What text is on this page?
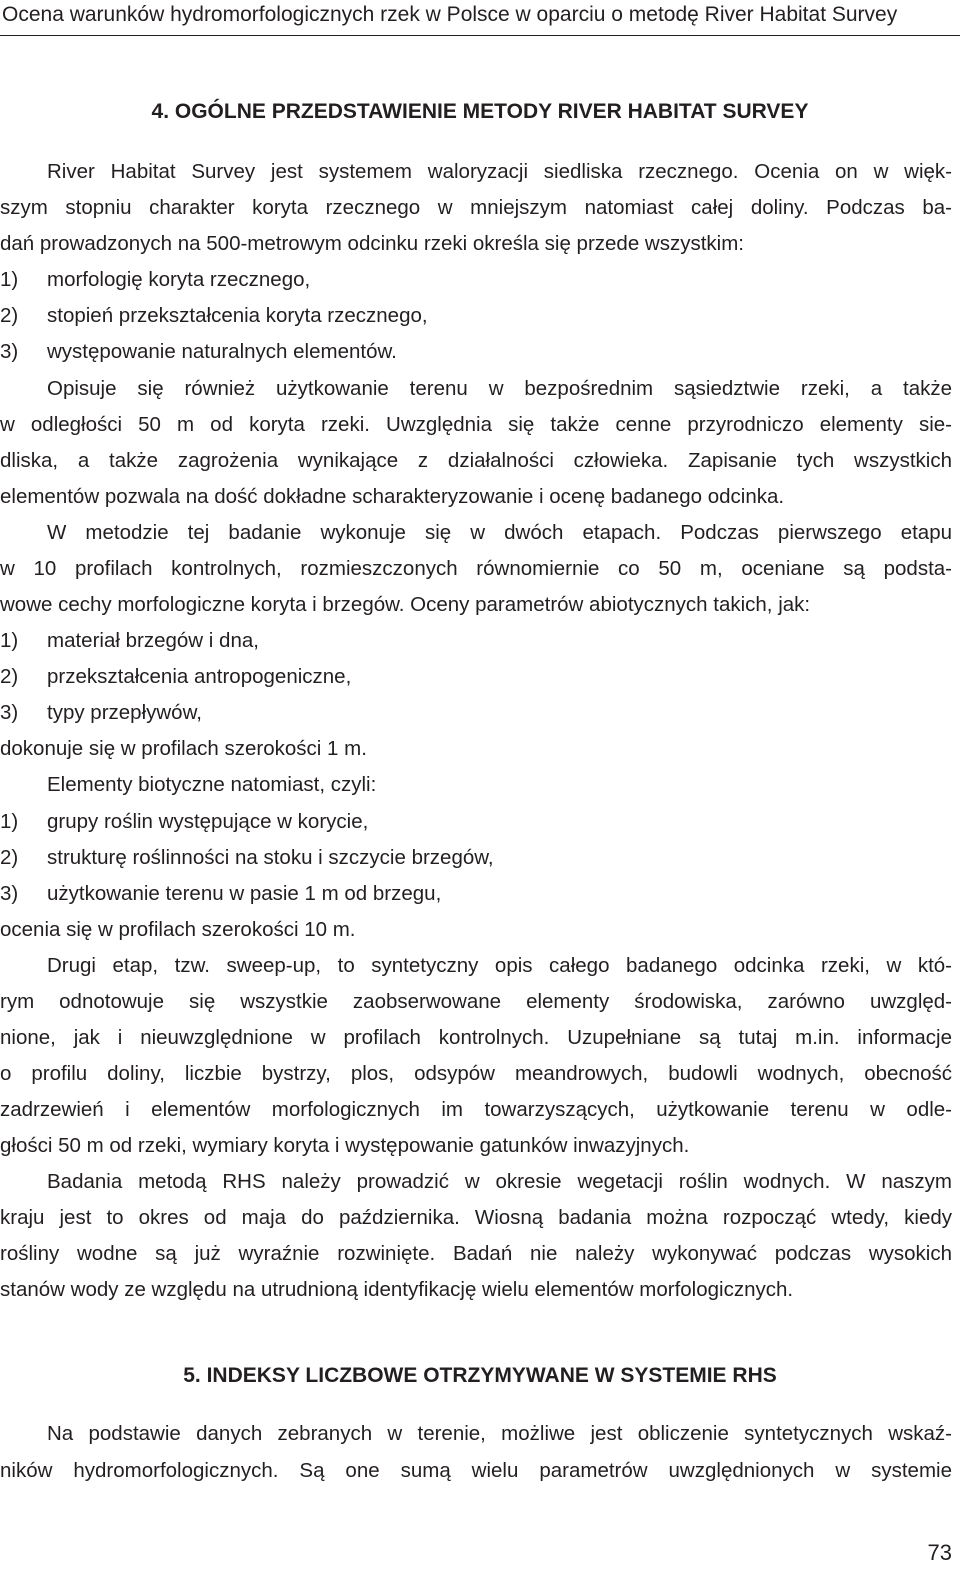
Ocena warunków hydromorfologicznych rzek w Polsce w oparciu o metodę River Habitat Survey
4. OGÓLNE PRZEDSTAWIENIE METODY RIVER HABITAT SURVEY
River Habitat Survey jest systemem waloryzacji siedliska rzecznego. Ocenia on w więk-
szym stopniu charakter koryta rzecznego w mniejszym natomiast całej doliny. Podczas ba-
dań prowadzonych na 500-metrowym odcinku rzeki określa się przede wszystkim:
1) morfologię koryta rzecznego,
2) stopień przekształcenia koryta rzecznego,
3) występowanie naturalnych elementów.
Opisuje się również użytkowanie terenu w bezpośrednim sąsiedztwie rzeki, a także
w odległości 50 m od koryta rzeki. Uwzględnia się także cenne przyrodniczo elementy sie-
dliska, a także zagrożenia wynikające z działalności człowieka. Zapisanie tych wszystkich
elementów pozwala na dość dokładne scharakteryzowanie i ocenę badanego odcinka.
W metodzie tej badanie wykonuje się w dwóch etapach. Podczas pierwszego etapu
w 10 profilach kontrolnych, rozmieszczonych równomiernie co 50 m, oceniane są podsta-
wowe cechy morfologiczne koryta i brzegów. Oceny parametrów abiotycznych takich, jak:
1) materiał brzegów i dna,
2) przekształcenia antropogeniczne,
3) typy przepływów,
dokonuje się w profilach szerokości 1 m.
Elementy biotyczne natomiast, czyli:
1) grupy roślin występujące w korycie,
2) strukturę roślinności na stoku i szczycie brzegów,
3) użytkowanie terenu w pasie 1 m od brzegu,
ocenia się w profilach szerokości 10 m.
Drugi etap, tzw. sweep-up, to syntetyczny opis całego badanego odcinka rzeki, w któ-
rym odnotowuje się wszystkie zaobserwowane elementy środowiska, zarówno uwzględ-
nione, jak i nieuwzględnione w profilach kontrolnych. Uzupełniane są tutaj m.in. informacje
o profilu doliny, liczbie bystrzy, plos, odsypów meandrowych, budowli wodnych, obecność
zadrzewień i elementów morfologicznych im towarzyszących, użytkowanie terenu w odle-
głości 50 m od rzeki, wymiary koryta i występowanie gatunków inwazyjnych.
Badania metodą RHS należy prowadzić w okresie wegetacji roślin wodnych. W naszym
kraju jest to okres od maja do października. Wiosną badania można rozpocząć wtedy, kiedy
rośliny wodne są już wyraźnie rozwinięte. Badań nie należy wykonywać podczas wysokich
stanów wody ze względu na utrudnioną identyfikację wielu elementów morfologicznych.
5. INDEKSY LICZBOWE OTRZYMYWANE W SYSTEMIE RHS
Na podstawie danych zebranych w terenie, możliwe jest obliczenie syntetycznych wskaź-
ników hydromorfologicznych. Są one sumą wielu parametrów uwzględnionych w systemie
73
